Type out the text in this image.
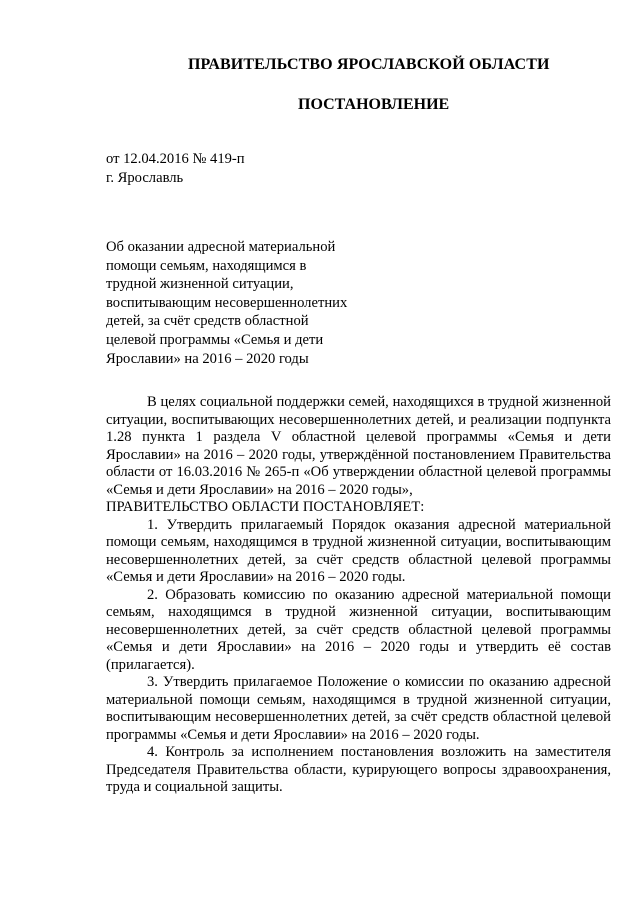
ПРАВИТЕЛЬСТВО ЯРОСЛАВСКОЙ ОБЛАСТИ
ПОСТАНОВЛЕНИЕ
от 12.04.2016 № 419-п
г. Ярославль
Об оказании адресной материальной
помощи семьям, находящимся в
трудной жизненной ситуации,
воспитывающим несовершеннолетних
детей, за счёт средств областной
целевой программы «Семья и дети
Ярославии» на 2016 – 2020 годы

В целях социальной поддержки семей, находящихся в трудной жизненной ситуации, воспитывающих несовершеннолетних детей, и реализации подпункта 1.28 пункта 1 раздела V областной целевой программы «Семья и дети Ярославии» на 2016 – 2020 годы, утверждённой постановлением Правительства области от 16.03.2016 № 265-п «Об утверждении областной целевой программы «Семья и дети Ярославии» на 2016 – 2020 годы»,

ПРАВИТЕЛЬСТВО ОБЛАСТИ ПОСТАНОВЛЯЕТ:

1. Утвердить прилагаемый Порядок оказания адресной материальной помощи семьям, находящимся в трудной жизненной ситуации, воспитывающим несовершеннолетних детей, за счёт средств областной целевой программы «Семья и дети Ярославии» на 2016 – 2020 годы.

2. Образовать комиссию по оказанию адресной материальной помощи семьям, находящимся в трудной жизненной ситуации, воспитывающим несовершеннолетних детей, за счёт средств областной целевой программы «Семья и дети Ярославии» на 2016 – 2020 годы и утвердить её состав (прилагается).

3. Утвердить прилагаемое Положение о комиссии по оказанию адресной материальной помощи семьям, находящимся в трудной жизненной ситуации, воспитывающим несовершеннолетних детей, за счёт средств областной целевой программы «Семья и дети Ярославии» на 2016 – 2020 годы.

4. Контроль за исполнением постановления возложить на заместителя Председателя Правительства области, курирующего вопросы здравоохранения, труда и социальной защиты.
